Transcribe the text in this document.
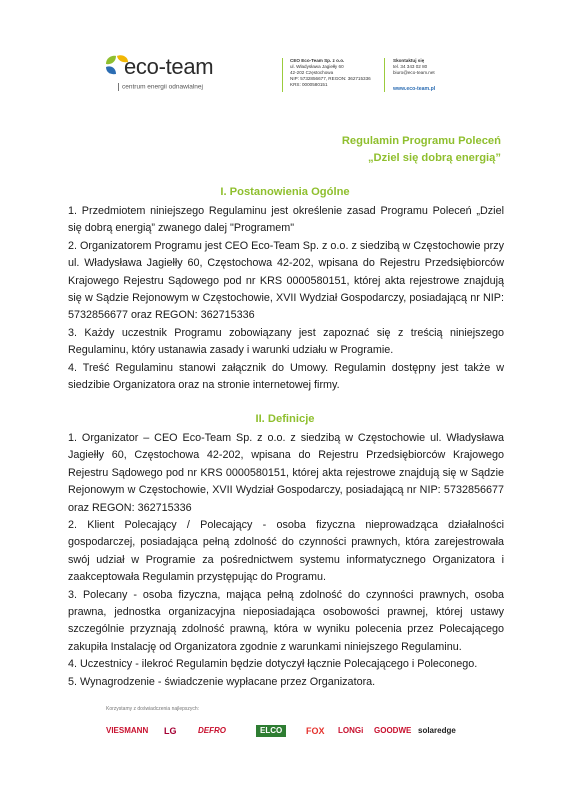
eco-team
centrum energii odnawialnej
CEO Eco-Team Sp. z o.o.
ul. Władysława Jagiełły 60
42-202 Częstochowa
NIP: 5732856677, REGON: 362715336
KRS: 0000580151
Skontaktuj się
tel. 34 343 02 80
biuro@eco-team.net
www.eco-team.pl
Regulamin Programu Poleceń
„Dziel się dobrą energią”
I. Postanowienia Ogólne

1. Przedmiotem niniejszego Regulaminu jest określenie zasad Programu Poleceń „Dziel się dobrą energią” zwanego dalej "Programem"

2. Organizatorem Programu jest CEO Eco-Team Sp. z o.o. z siedzibą w Częstochowie przy ul. Władysława Jagiełły 60, Częstochowa 42-202, wpisana do Rejestru Przedsiębiorców Krajowego Rejestru Sądowego pod nr KRS 0000580151, której akta rejestrowe znajdują się w Sądzie Rejonowym w Częstochowie, XVII Wydział Gospodarczy, posiadającą nr NIP: 5732856677 oraz REGON: 362715336

3. Każdy uczestnik Programu zobowiązany jest zapoznać się z treścią niniejszego Regulaminu, który ustanawia zasady i warunki udziału w Programie.

4. Treść Regulaminu stanowi załącznik do Umowy. Regulamin dostępny jest także w siedzibie Organizatora oraz na stronie internetowej firmy.

II. Definicje

1. Organizator – CEO Eco-Team Sp. z o.o. z siedzibą w Częstochowie ul. Władysława Jagiełły 60, Częstochowa 42-202, wpisana do Rejestru Przedsiębiorców Krajowego Rejestru Sądowego pod nr KRS 0000580151, której akta rejestrowe znajdują się w Sądzie Rejonowym w Częstochowie, XVII Wydział Gospodarczy, posiadającą nr NIP: 5732856677 oraz REGON: 362715336

2. Klient Polecający / Polecający - osoba fizyczna nieprowadząca działalności gospodarczej, posiadająca pełną zdolność do czynności prawnych, która zarejestrowała swój udział w Programie za pośrednictwem systemu informatycznego Organizatora i zaakceptowała Regulamin przystępując do Programu.

3. Polecany - osoba fizyczna, mająca pełną zdolność do czynności prawnych, osoba prawna, jednostka organizacyjna nieposiadająca osobowości prawnej, której ustawy szczególnie przyznają zdolność prawną, która w wyniku polecenia przez Polecającego zakupiła Instalację od Organizatora zgodnie z warunkami niniejszego Regulaminu.

4. Uczestnicy - ilekroć Regulamin będzie dotyczył łącznie Polecającego i Poleconego.

5. Wynagrodzenie - świadczenie wypłacane przez Organizatora.

Korzystamy z doświadczenia najlepszych:
VIESMANN LG	DEFRO	ELCO	FOX LONGi GOODWE solaredge
